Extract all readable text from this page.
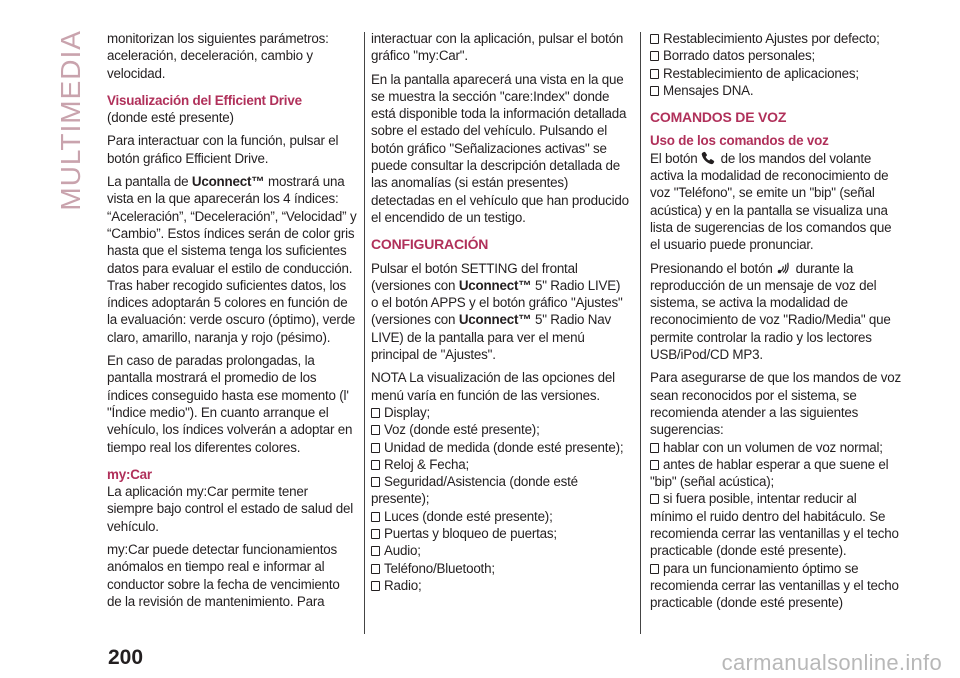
MULTIMEDIA monitorizan los siguientes parámetros: aceleración, deceleración, cambio y velocidad.

Visualización del Efficient Drive

(donde esté presente)

Para interactuar con la función, pulsar el botón gráfico Efficient Drive.

La pantalla de Uconnect™ mostrará una vista en la que aparecerán los 4 índices: “Aceleración”, “Deceleración”, “Velocidad” y “Cambio”. Estos índices serán de color gris hasta que el sistema tenga los suficientes datos para evaluar el estilo de conducción. Tras haber recogido suficientes datos, los índices adoptarán 5 colores en función de la evaluación: verde oscuro (óptimo), verde claro, amarillo, naranja y rojo (pésimo).

En caso de paradas prolongadas, la pantalla mostrará el promedio de los índices conseguido hasta ese momento (l' "Índice medio"). En cuanto arranque el vehículo, los índices volverán a adoptar en tiempo real los diferentes colores.

my:Car

La aplicación my:Car permite tener siempre bajo control el estado de salud del vehículo.

my:Car puede detectar funcionamientos anómalos en tiempo real e informar al conductor sobre la fecha de vencimiento de la revisión de mantenimiento. Para

interactuar con la aplicación, pulsar el botón gráfico "my:Car".

En la pantalla aparecerá una vista en la que se muestra la sección "care:Index" donde está disponible toda la información detallada sobre el estado del vehículo. Pulsando el botón gráfico "Señalizaciones activas" se puede consultar la descripción detallada de las anomalías (si están presentes) detectadas en el vehículo que han producido el encendido de un testigo.

CONFIGURACIÓN

Pulsar el botón SETTING del frontal (versiones con Uconnect™ 5" Radio LIVE) o el botón APPS y el botón gráfico "Ajustes" (versiones con Uconnect™ 5" Radio Nav LIVE) de la pantalla para ver el menú principal de "Ajustes".

NOTA La visualización de las opciones del menú varía en función de las versiones.

Display;
Voz (donde esté presente);
Unidad de medida (donde esté presente);
Reloj & Fecha;
Seguridad/Asistencia (donde esté presente);
Luces (donde esté presente);
Puertas y bloqueo de puertas;
Audio;
Teléfono/Bluetooth;
Radio;
Restablecimiento Ajustes por defecto;
Borrado datos personales;
Restablecimiento de aplicaciones;
Mensajes DNA.
COMANDOS DE VOZ
Uso de los comandos de voz

El botón  de los mandos del volante activa la modalidad de reconocimiento de voz "Teléfono", se emite un "bip" (señal acústica) y en la pantalla se visualiza una lista de sugerencias de los comandos que el usuario puede pronunciar.

Presionando el botón  durante la reproducción de un mensaje de voz del sistema, se activa la modalidad de reconocimiento de voz "Radio/Media" que permite controlar la radio y los lectores USB/iPod/CD MP3.

Para asegurarse de que los mandos de voz sean reconocidos por el sistema, se recomienda atender a las siguientes sugerencias:

hablar con un volumen de voz normal;
antes de hablar esperar a que suene el "bip" (señal acústica);
si fuera posible, intentar reducir al mínimo el ruido dentro del habitáculo. Se recomienda cerrar las ventanillas y el techo practicable (donde esté presente).
para un funcionamiento óptimo se recomienda cerrar las ventanillas y el techo practicable (donde esté presente)
200	carmanualsonline.info
